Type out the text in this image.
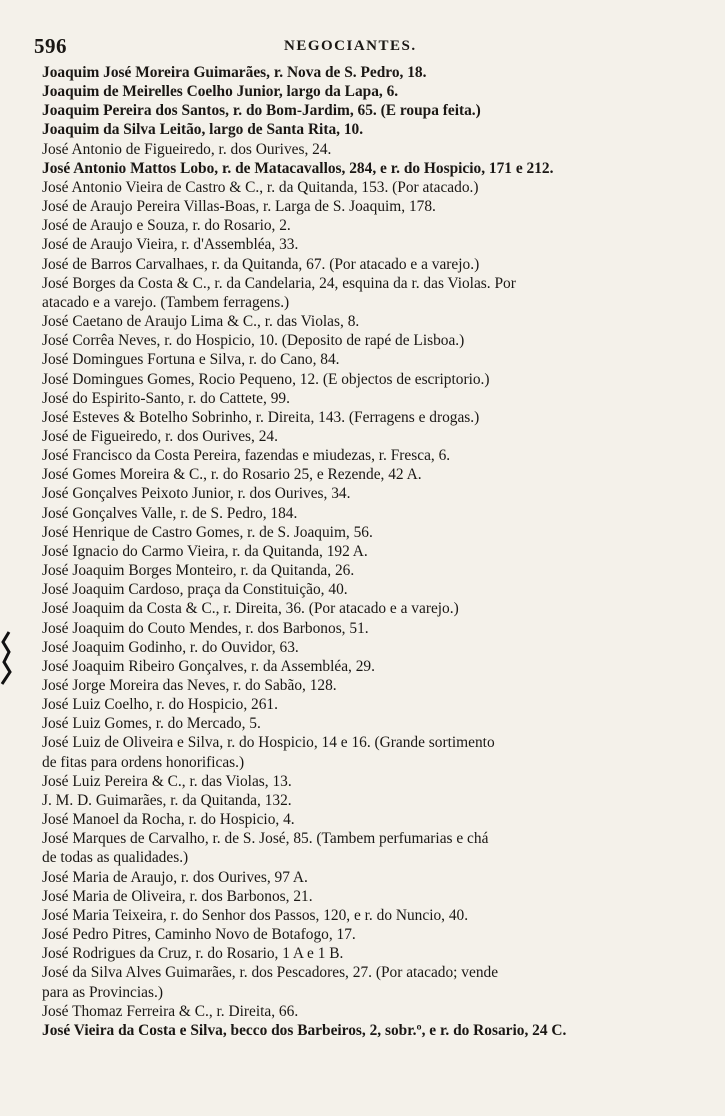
596	NEGOCIANTES.
Joaquim José Moreira Guimarães, r. Nova de S. Pedro, 18.
Joaquim de Meirelles Coelho Junior, largo da Lapa, 6.
Joaquim Pereira dos Santos, r. do Bom-Jardim, 65. (E roupa feita.)
Joaquim da Silva Leitão, largo de Santa Rita, 10.
José Antonio de Figueiredo, r. dos Ourives, 24.
José Antonio Mattos Lobo, r. de Matacavallos, 284, e r. do Hospicio, 171 e 212.
José Antonio Vieira de Castro & C., r. da Quitanda, 153. (Por atacado.)
José de Araujo Pereira Villas-Boas, r. Larga de S. Joaquim, 178.
José de Araujo e Souza, r. do Rosario, 2.
José de Araujo Vieira, r. d'Assembléa, 33.
José de Barros Carvalhaes, r. da Quitanda, 67. (Por atacado e a varejo.)
José Borges da Costa & C., r. da Candelaria, 24, esquina da r. das Violas. Por
atacado e a varejo. (Tambem ferragens.)
José Caetano de Araujo Lima & C., r. das Violas, 8.
José Corrêa Neves, r. do Hospicio, 10. (Deposito de rapé de Lisboa.)
José Domingues Fortuna e Silva, r. do Cano, 84.
José Domingues Gomes, Rocio Pequeno, 12. (E objectos de escriptorio.)
José do Espirito-Santo, r. do Cattete, 99.
José Esteves & Botelho Sobrinho, r. Direita, 143. (Ferragens e drogas.)
José de Figueiredo, r. dos Ourives, 24.
José Francisco da Costa Pereira, fazendas e miudezas, r. Fresca, 6.
José Gomes Moreira & C., r. do Rosario 25, e Rezende, 42 A.
José Gonçalves Peixoto Junior, r. dos Ourives, 34.
José Gonçalves Valle, r. de S. Pedro, 184.
José Henrique de Castro Gomes, r. de S. Joaquim, 56.
José Ignacio do Carmo Vieira, r. da Quitanda, 192 A.
José Joaquim Borges Monteiro, r. da Quitanda, 26.
José Joaquim Cardoso, praça da Constituição, 40.
José Joaquim da Costa & C., r. Direita, 36. (Por atacado e a varejo.)
José Joaquim do Couto Mendes, r. dos Barbonos, 51.
José Joaquim Godinho, r. do Ouvidor, 63.
José Joaquim Ribeiro Gonçalves, r. da Assembléa, 29.
José Jorge Moreira das Neves, r. do Sabão, 128.
José Luiz Coelho, r. do Hospicio, 261.
José Luiz Gomes, r. do Mercado, 5.
José Luiz de Oliveira e Silva, r. do Hospicio, 14 e 16. (Grande sortimento
de fitas para ordens honorificas.)
José Luiz Pereira & C., r. das Violas, 13.
J. M. D. Guimarães, r. da Quitanda, 132.
José Manoel da Rocha, r. do Hospicio, 4.
José Marques de Carvalho, r. de S. José, 85. (Tambem perfumarias e chá
de todas as qualidades.)
José Maria de Araujo, r. dos Ourives, 97 A.
José Maria de Oliveira, r. dos Barbonos, 21.
José Maria Teixeira, r. do Senhor dos Passos, 120, e r. do Nuncio, 40.
José Pedro Pitres, Caminho Novo de Botafogo, 17.
José Rodrigues da Cruz, r. do Rosario, 1 A e 1 B.
José da Silva Alves Guimarães, r. dos Pescadores, 27. (Por atacado; vende
para as Provincias.)
José Thomaz Ferreira & C., r. Direita, 66.
José Vieira da Costa e Silva, becco dos Barbeiros, 2, sobr.º, e r. do Rosario, 24 C.
